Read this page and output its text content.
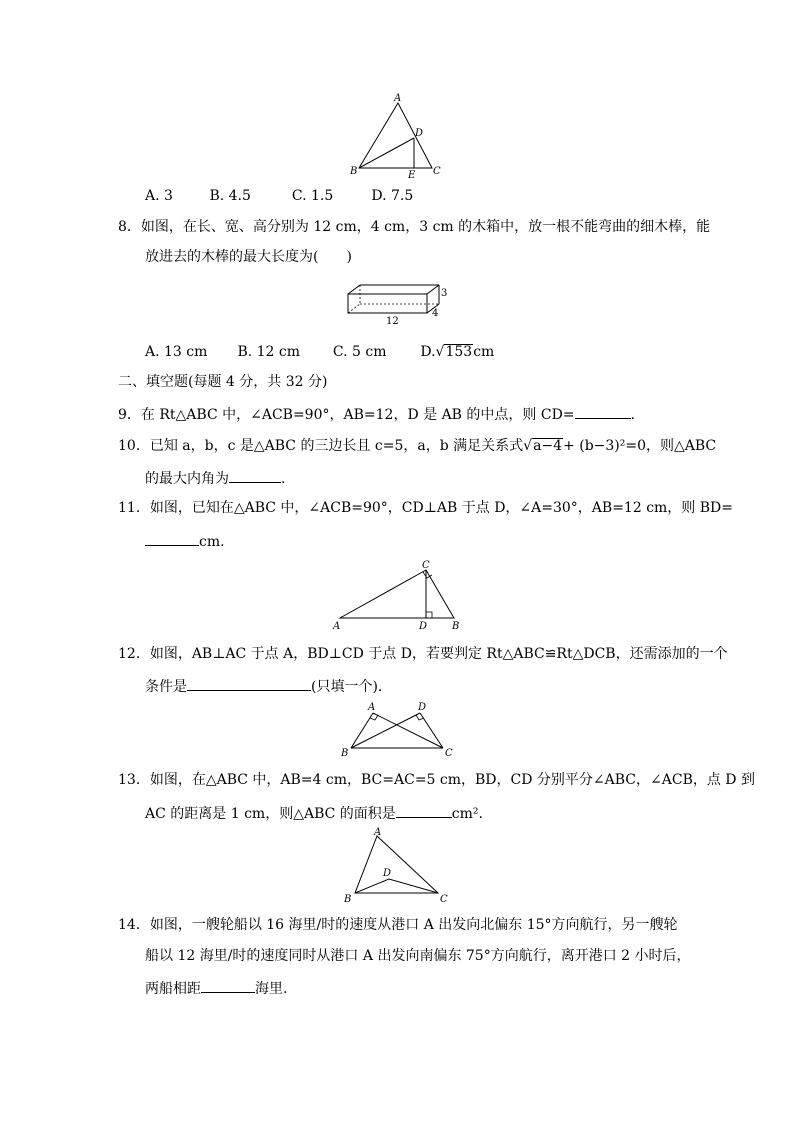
A
D
B	E C
A. 3	B. 4.5	C. 1.5	D. 7.5
8．如图，在长、宽、高分别为 12 cm，4 cm，3 cm 的木箱中，放一根不能弯曲的细木棒，能
放进去的木棒的最大长度为(　　)
3
4
12
A. 13 cm B. 12 cm C. 5 cm D.√153cm
二、填空题(每题 4 分，共 32 分)
9．在 Rt△ABC 中，∠ACB=90°，AB=12，D 是 AB 的中点，则 CD=	.
10．已知 a，b，c 是△ABC 的三边长且 c=5，a，b 满足关系式√a−4+ (b−3)²=0，则△ABC
的最大内角为	.
11．如图，已知在△ABC 中，∠ACB=90°，CD⊥AB 于点 D，∠A=30°，AB=12 cm，则 BD=
cm.
C
A	D B
12．如图，AB⊥AC 于点 A，BD⊥CD 于点 D，若要判定 Rt△ABC≌Rt△DCB，还需添加的一个
条件是	(只填一个)．
A	D
B	C
13．如图，在△ABC 中，AB=4 cm，BC=AC=5 cm，BD，CD 分别平分∠ABC，∠ACB，点 D 到
AC 的距离是 1 cm，则△ABC 的面积是	cm².
A
D
B	C
14．如图，一艘轮船以 16 海里/时的速度从港口 A 出发向北偏东 15°方向航行，另一艘轮
船以 12 海里/时的速度同时从港口 A 出发向南偏东 75°方向航行，离开港口 2 小时后，
两船相距	海里.
